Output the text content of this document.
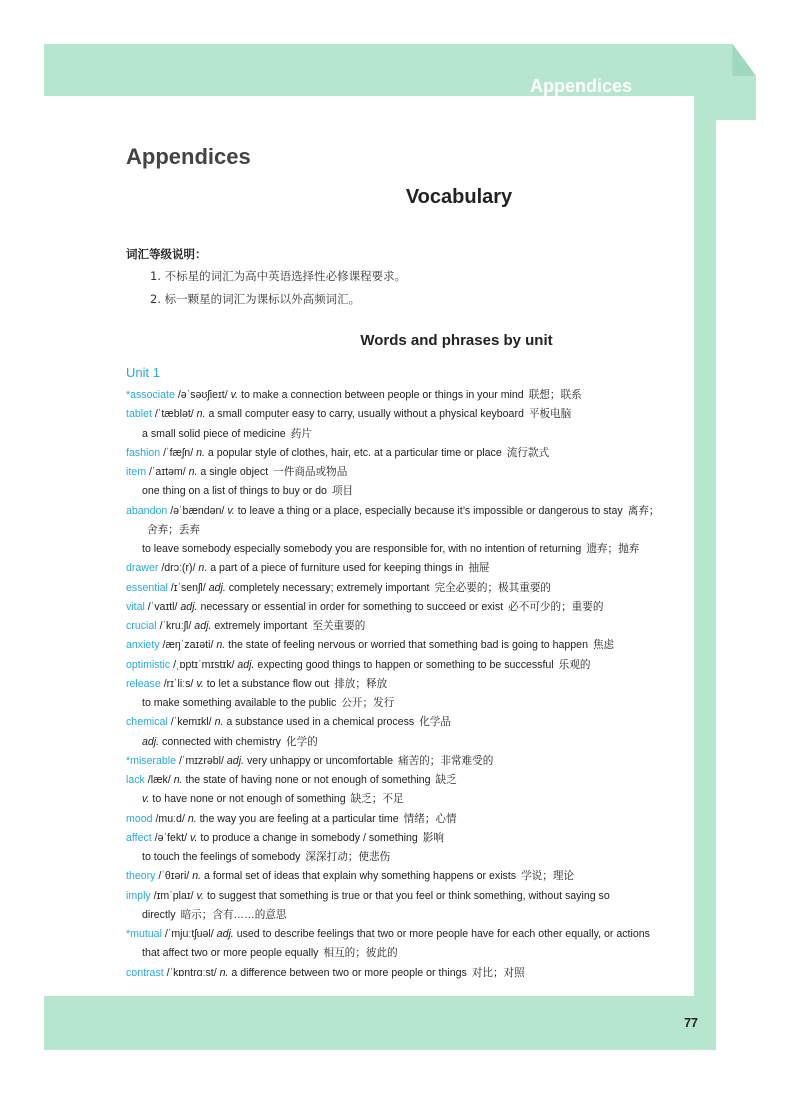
Appendices
Appendices
Vocabulary
词汇等级说明：
1. 不标星的词汇为高中英语选择性必修课程要求。
2. 标一颗星的词汇为课标以外高频词汇。
Words and phrases by unit
Unit 1
*associate /əˈsəʊʃieɪt/ v. to make a connection between people or things in your mind 联想；联系
tablet /ˈtæblət/ n. a small computer easy to carry, usually without a physical keyboard 平板电脑
a small solid piece of medicine 药片
fashion /ˈfæʃn/ n. a popular style of clothes, hair, etc. at a particular time or place 流行款式
item /ˈaɪtəm/ n. a single object 一件商品或物品
one thing on a list of things to buy or do 项目
abandon /əˈbændən/ v. to leave a thing or a place, especially because it’s impossible or dangerous to stay 离弃；
舍弃；丢弃
to leave somebody especially somebody you are responsible for, with no intention of returning 遗弃；抛弃
drawer /drɔː(r)/ n. a part of a piece of furniture used for keeping things in 抽屉
essential /ɪˈsenʃl/ adj. completely necessary; extremely important 完全必要的；极其重要的
vital /ˈvaɪtl/ adj. necessary or essential in order for something to succeed or exist 必不可少的；重要的
crucial /ˈkruːʃl/ adj. extremely important 至关重要的
anxiety /æŋˈzaɪəti/ n. the state of feeling nervous or worried that something bad is going to happen 焦虑
optimistic /ˌɒptɪˈmɪstɪk/ adj. expecting good things to happen or something to be successful 乐观的
release /rɪˈliːs/ v. to let a substance flow out 排放；释放
to make something available to the public 公开；发行
chemical /ˈkemɪkl/ n. a substance used in a chemical process 化学品
adj. connected with chemistry 化学的
*miserable /ˈmɪzrəbl/ adj. very unhappy or uncomfortable 痛苦的；非常难受的
lack /læk/ n. the state of having none or not enough of something 缺乏
v. to have none or not enough of something 缺乏；不足
mood /muːd/ n. the way you are feeling at a particular time 情绪；心情
affect /əˈfekt/ v. to produce a change in somebody / something 影响
to touch the feelings of somebody 深深打动；使悲伤
theory /ˈθɪəri/ n. a formal set of ideas that explain why something happens or exists 学说；理论
imply /ɪmˈplaɪ/ v. to suggest that something is true or that you feel or think something, without saying so
directly 暗示；含有……的意思
*mutual /ˈmjuːtʃuəl/ adj. used to describe feelings that two or more people have for each other equally, or actions
that affect two or more people equally 相互的；彼此的
contrast /ˈkɒntrɑːst/ n. a difference between two or more people or things 对比；对照
77
